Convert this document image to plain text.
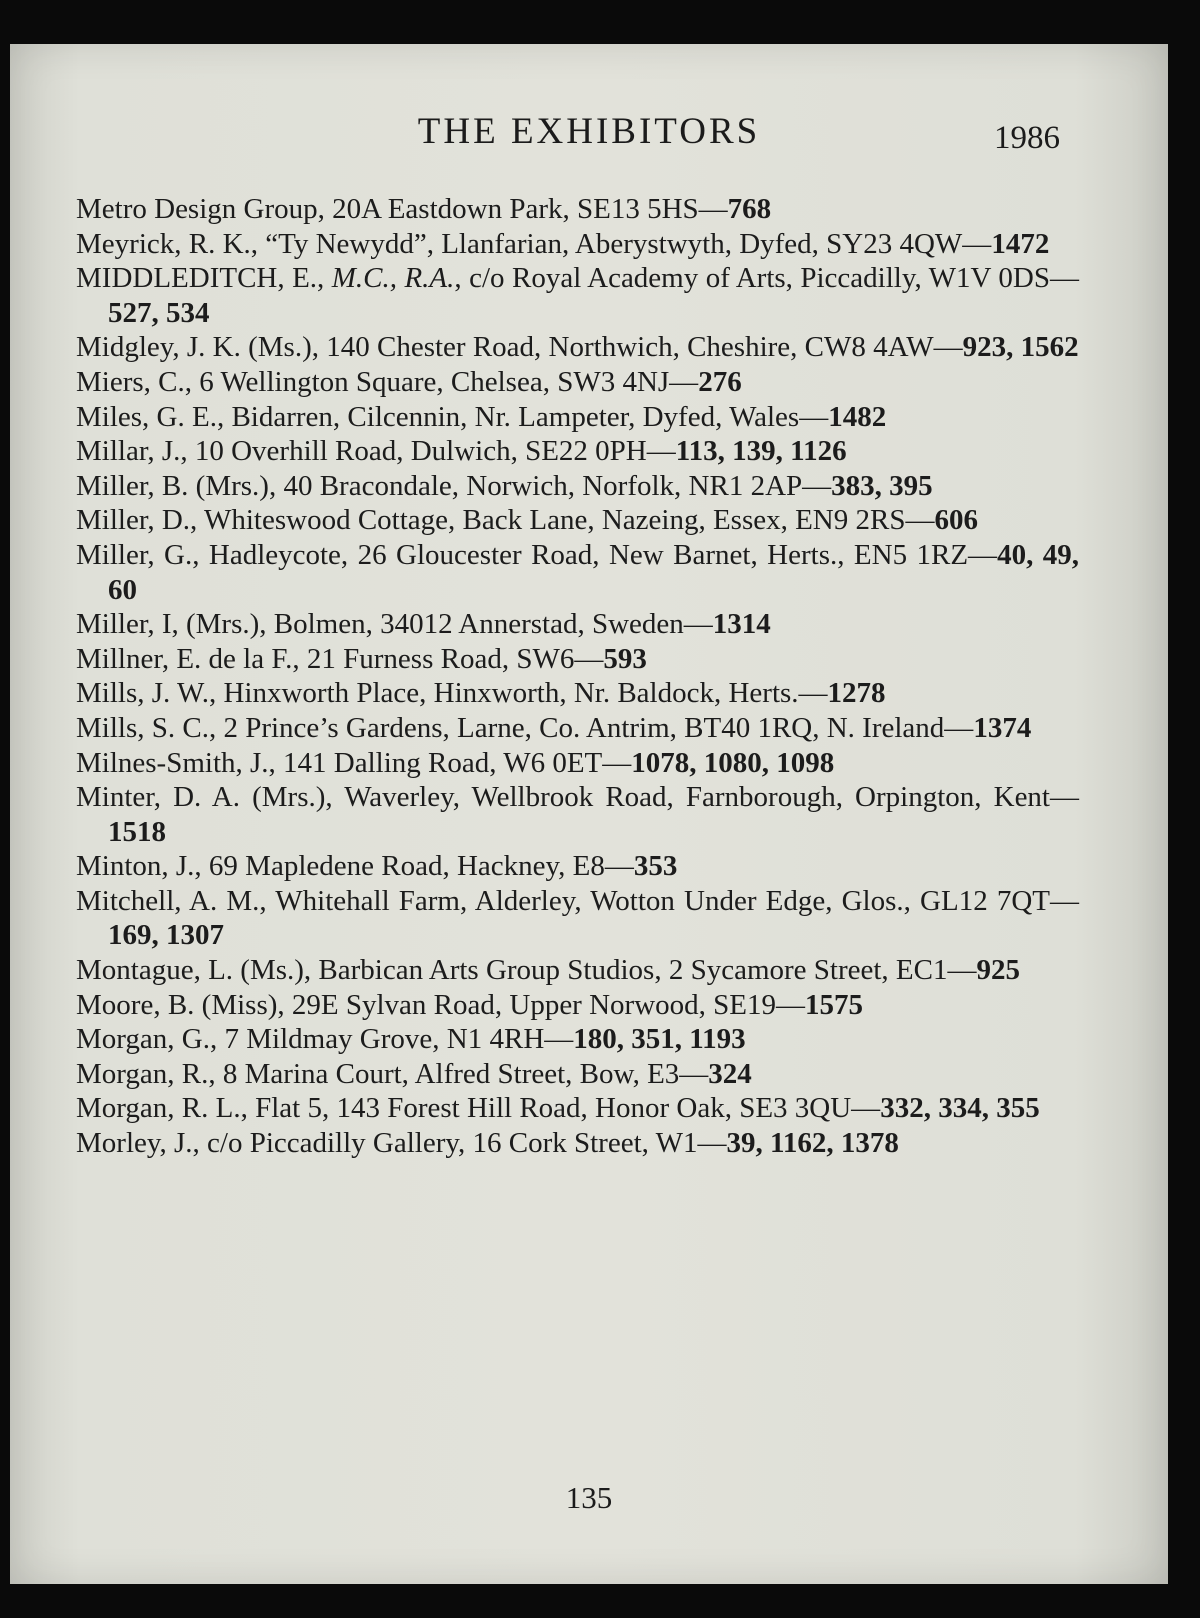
THE EXHIBITORS	1986

Metro Design Group, 20A Eastdown Park, SE13 5HS—768

Meyrick, R. K., “Ty Newydd”, Llanfarian, Aberystwyth, Dyfed, SY23 4QW—1472

MIDDLEDITCH, E., M.C., R.A., c/o Royal Academy of Arts, Piccadilly, W1V 0DS—527, 534

Midgley, J. K. (Ms.), 140 Chester Road, Northwich, Cheshire, CW8 4AW—923, 1562

Miers, C., 6 Wellington Square, Chelsea, SW3 4NJ—276

Miles, G. E., Bidarren, Cilcennin, Nr. Lampeter, Dyfed, Wales—1482

Millar, J., 10 Overhill Road, Dulwich, SE22 0PH—113, 139, 1126

Miller, B. (Mrs.), 40 Bracondale, Norwich, Norfolk, NR1 2AP—383, 395

Miller, D., Whiteswood Cottage, Back Lane, Nazeing, Essex, EN9 2RS—606

Miller, G., Hadleycote, 26 Gloucester Road, New Barnet, Herts., EN5 1RZ—40, 49, 60

Miller, I, (Mrs.), Bolmen, 34012 Annerstad, Sweden—1314

Millner, E. de la F., 21 Furness Road, SW6—593

Mills, J. W., Hinxworth Place, Hinxworth, Nr. Baldock, Herts.—1278

Mills, S. C., 2 Prince’s Gardens, Larne, Co. Antrim, BT40 1RQ, N. Ireland—1374

Milnes-Smith, J., 141 Dalling Road, W6 0ET—1078, 1080, 1098

Minter, D. A. (Mrs.), Waverley, Wellbrook Road, Farnborough, Orpington, Kent—1518

Minton, J., 69 Mapledene Road, Hackney, E8—353

Mitchell, A. M., Whitehall Farm, Alderley, Wotton Under Edge, Glos., GL12 7QT—169, 1307

Montague, L. (Ms.), Barbican Arts Group Studios, 2 Sycamore Street, EC1—925

Moore, B. (Miss), 29E Sylvan Road, Upper Norwood, SE19—1575

Morgan, G., 7 Mildmay Grove, N1 4RH—180, 351, 1193

Morgan, R., 8 Marina Court, Alfred Street, Bow, E3—324

Morgan, R. L., Flat 5, 143 Forest Hill Road, Honor Oak, SE3 3QU—332, 334, 355

Morley, J., c/o Piccadilly Gallery, 16 Cork Street, W1—39, 1162, 1378

135
